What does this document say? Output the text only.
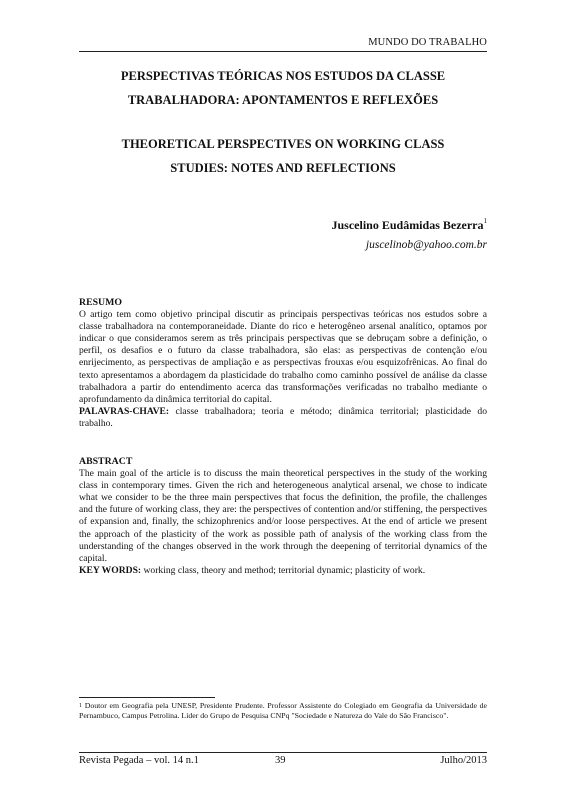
MUNDO DO TRABALHO
PERSPECTIVAS TEÓRICAS NOS ESTUDOS DA CLASSE
TRABALHADORA: APONTAMENTOS E REFLEXÕES
THEORETICAL PERSPECTIVES ON WORKING CLASS
STUDIES: NOTES AND REFLECTIONS
Juscelino Eudâmidas Bezerra$^1$
juscelinob@yahoo.com.br
RESUMO
O artigo tem como objetivo principal discutir as principais perspectivas teóricas nos estudos sobre a classe trabalhadora na contemporaneidade. Diante do rico e heterogêneo arsenal analítico, optamos por indicar o que consideramos serem as três principais perspectivas que se debruçam sobre a definição, o perfil, os desafios e o futuro da classe trabalhadora, são elas: as perspectivas de contenção e/ou enrijecimento, as perspectivas de ampliação e as perspectivas frouxas e/ou esquizofrênicas. Ao final do texto apresentamos a abordagem da plasticidade do trabalho como caminho possível de análise da classe trabalhadora a partir do entendimento acerca das transformações verificadas no trabalho mediante o aprofundamento da dinâmica territorial do capital.
PALAVRAS-CHAVE: classe trabalhadora; teoria e método; dinâmica territorial; plasticidade do trabalho.
ABSTRACT
The main goal of the article is to discuss the main theoretical perspectives in the study of the working class in contemporary times. Given the rich and heterogeneous analytical arsenal, we chose to indicate what we consider to be the three main perspectives that focus the definition, the profile, the challenges and the future of working class, they are: the perspectives of contention and/or stiffening, the perspectives of expansion and, finally, the schizophrenics and/or loose perspectives. At the end of article we present the approach of the plasticity of the work as possible path of analysis of the working class from the understanding of the changes observed in the work through the deepening of territorial dynamics of the capital.
KEY WORDS: working class, theory and method; territorial dynamic; plasticity of work.
$^1$ Doutor em Geografia pela UNESP, Presidente Prudente. Professor Assistente do Colegiado em Geografia da Universidade de Pernambuco, Campus Petrolina. Líder do Grupo de Pesquisa CNPq "Sociedade e Natureza do Vale do São Francisco".
Revista Pegada – vol. 14 n.1	39	Julho/2013
